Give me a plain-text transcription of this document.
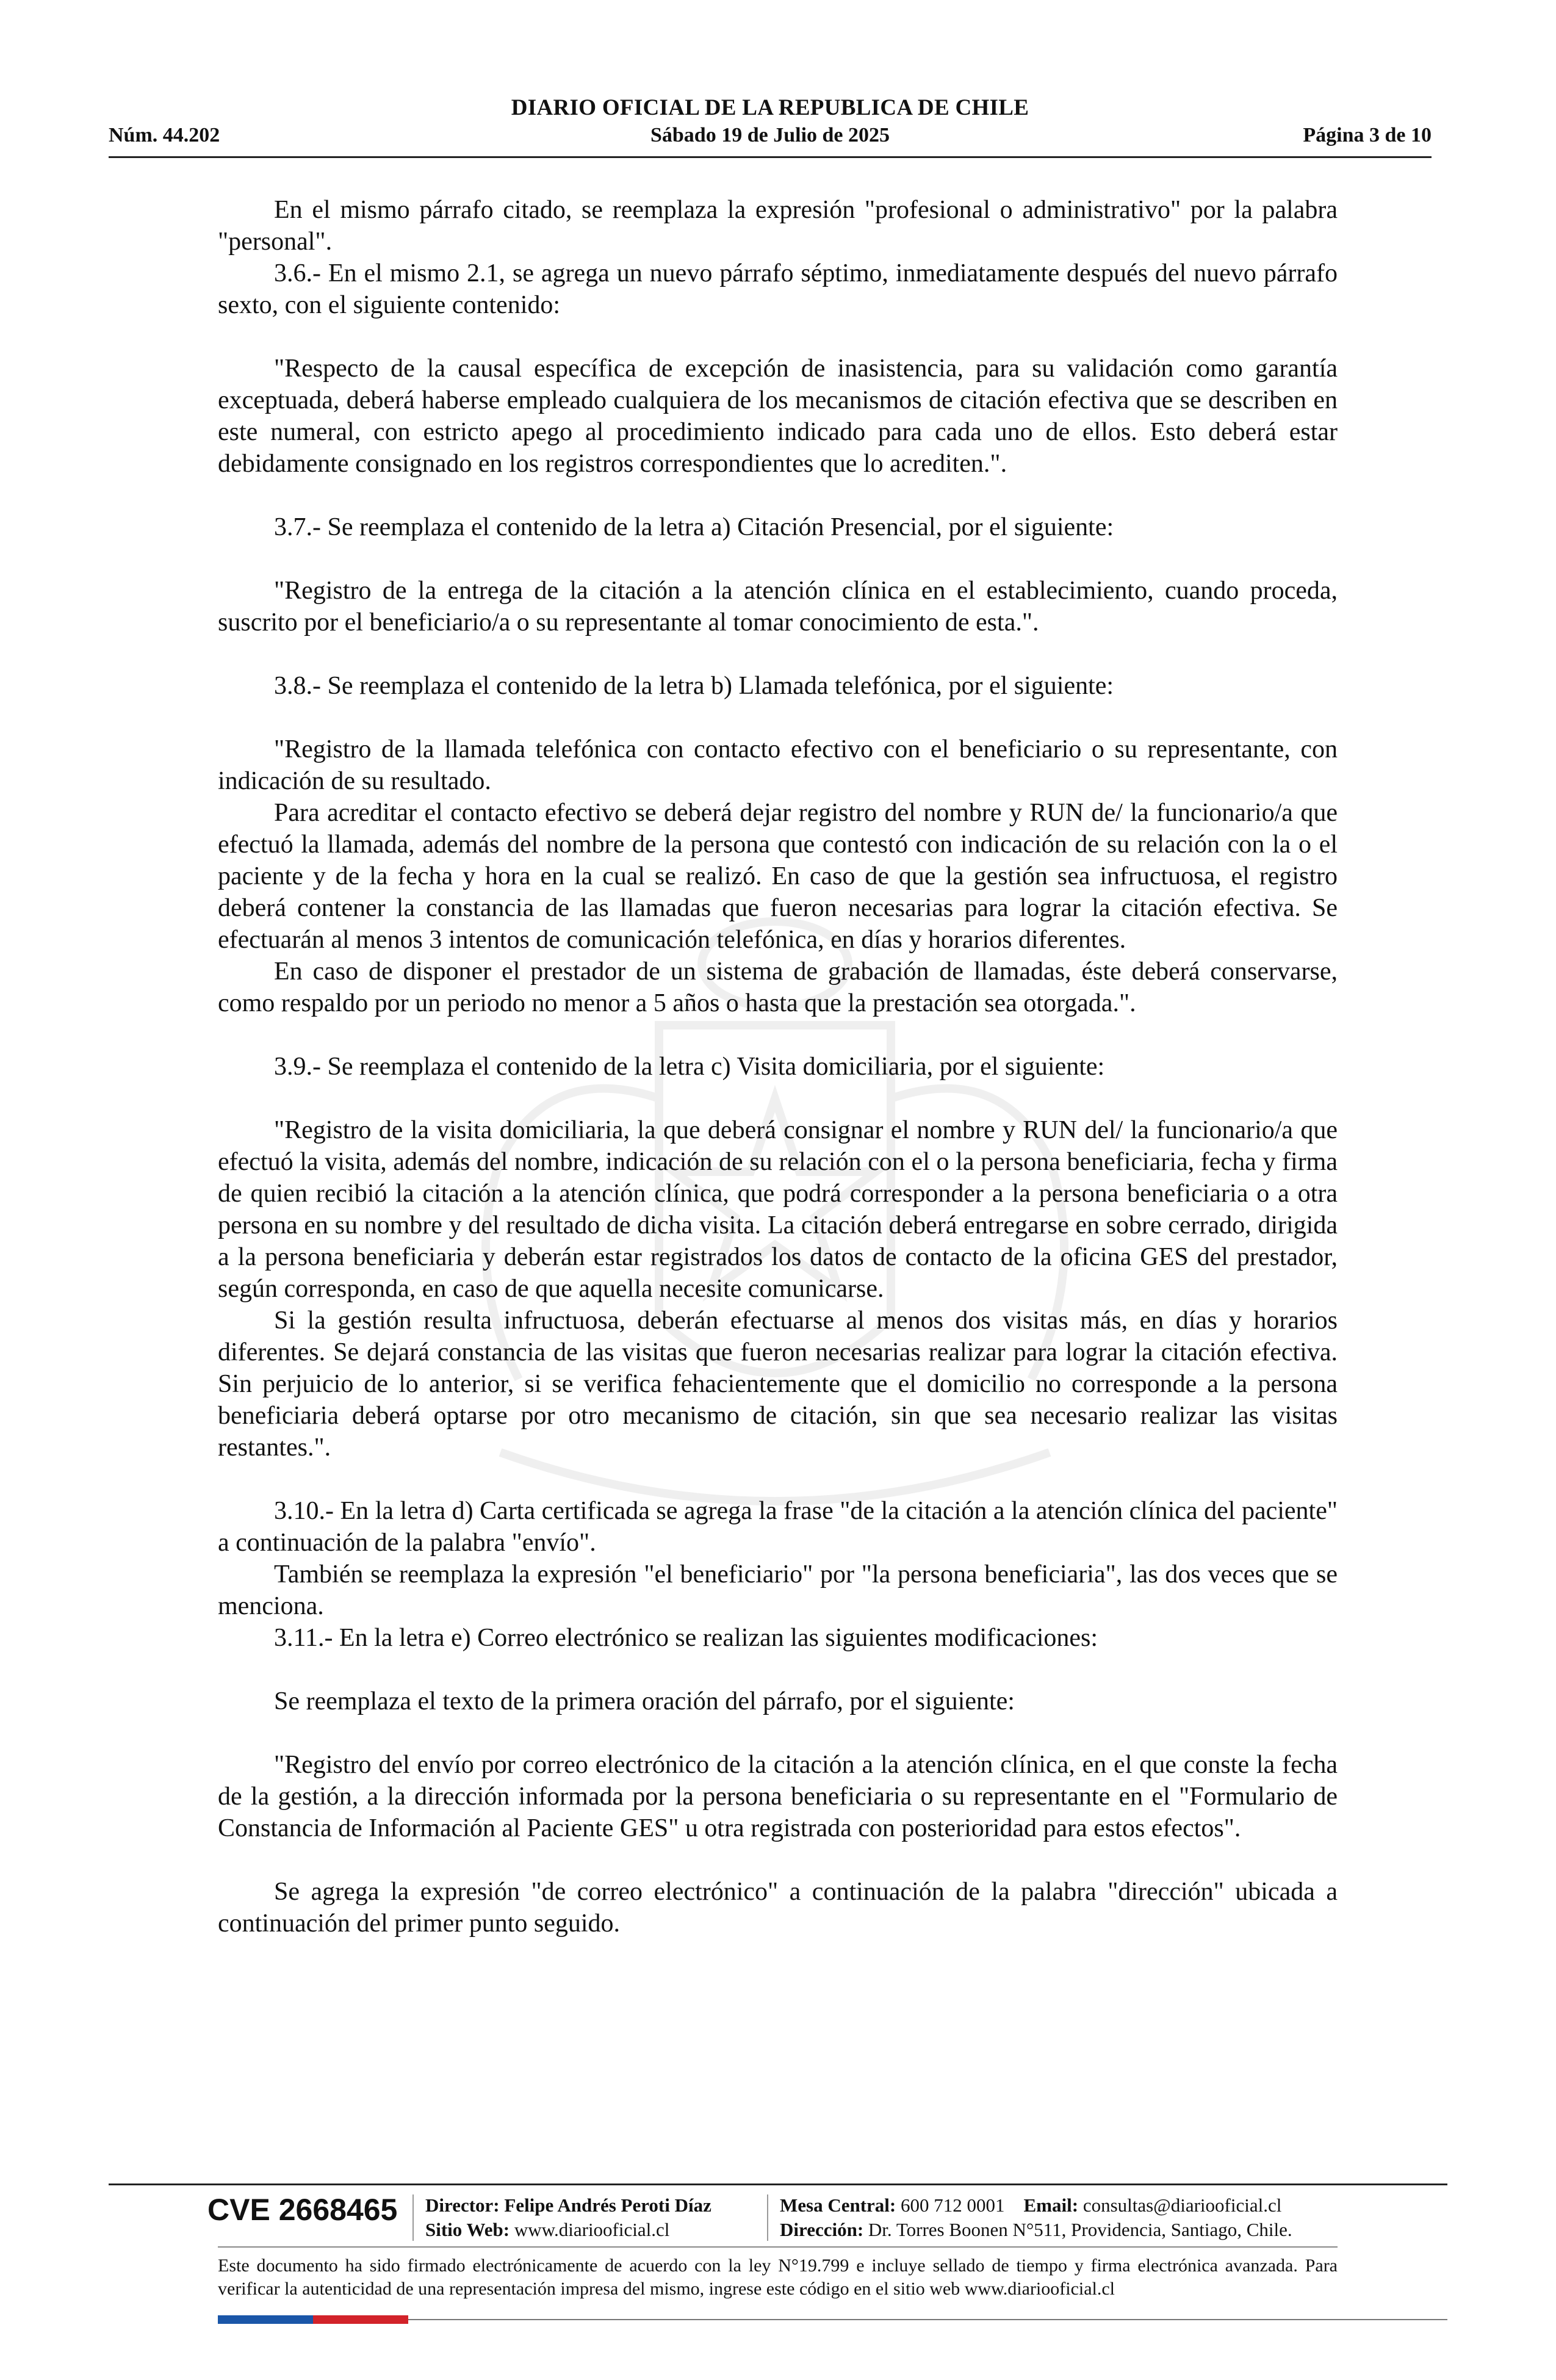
DIARIO OFICIAL DE LA REPUBLICA DE CHILE
Núm. 44.202	Sábado 19 de Julio de 2025	Página 3 de 10

En el mismo párrafo citado, se reemplaza la expresión "profesional o administrativo" por la palabra "personal".

3.6.- En el mismo 2.1, se agrega un nuevo párrafo séptimo, inmediatamente después del nuevo párrafo sexto, con el siguiente contenido:

"Respecto de la causal específica de excepción de inasistencia, para su validación como garantía exceptuada, deberá haberse empleado cualquiera de los mecanismos de citación efectiva que se describen en este numeral, con estricto apego al procedimiento indicado para cada uno de ellos. Esto deberá estar debidamente consignado en los registros correspondientes que lo acrediten.".

3.7.- Se reemplaza el contenido de la letra a) Citación Presencial, por el siguiente:

"Registro de la entrega de la citación a la atención clínica en el establecimiento, cuando proceda, suscrito por el beneficiario/a o su representante al tomar conocimiento de esta.".

3.8.- Se reemplaza el contenido de la letra b) Llamada telefónica, por el siguiente:

"Registro de la llamada telefónica con contacto efectivo con el beneficiario o su representante, con indicación de su resultado.

Para acreditar el contacto efectivo se deberá dejar registro del nombre y RUN de/ la funcionario/a que efectuó la llamada, además del nombre de la persona que contestó con indicación de su relación con la o el paciente y de la fecha y hora en la cual se realizó. En caso de que la gestión sea infructuosa, el registro deberá contener la constancia de las llamadas que fueron necesarias para lograr la citación efectiva. Se efectuarán al menos 3 intentos de comunicación telefónica, en días y horarios diferentes.

En caso de disponer el prestador de un sistema de grabación de llamadas, éste deberá conservarse, como respaldo por un periodo no menor a 5 años o hasta que la prestación sea otorgada.".

3.9.- Se reemplaza el contenido de la letra c) Visita domiciliaria, por el siguiente:

"Registro de la visita domiciliaria, la que deberá consignar el nombre y RUN del/ la funcionario/a que efectuó la visita, además del nombre, indicación de su relación con el o la persona beneficiaria, fecha y firma de quien recibió la citación a la atención clínica, que podrá corresponder a la persona beneficiaria o a otra persona en su nombre y del resultado de dicha visita. La citación deberá entregarse en sobre cerrado, dirigida a la persona beneficiaria y deberán estar registrados los datos de contacto de la oficina GES del prestador, según corresponda, en caso de que aquella necesite comunicarse.

Si la gestión resulta infructuosa, deberán efectuarse al menos dos visitas más, en días y horarios diferentes. Se dejará constancia de las visitas que fueron necesarias realizar para lograr la citación efectiva. Sin perjuicio de lo anterior, si se verifica fehacientemente que el domicilio no corresponde a la persona beneficiaria deberá optarse por otro mecanismo de citación, sin que sea necesario realizar las visitas restantes.".

3.10.- En la letra d) Carta certificada se agrega la frase "de la citación a la atención clínica del paciente" a continuación de la palabra "envío".

También se reemplaza la expresión "el beneficiario" por "la persona beneficiaria", las dos veces que se menciona.

3.11.- En la letra e) Correo electrónico se realizan las siguientes modificaciones:

Se reemplaza el texto de la primera oración del párrafo, por el siguiente:

"Registro del envío por correo electrónico de la citación a la atención clínica, en el que conste la fecha de la gestión, a la dirección informada por la persona beneficiaria o su representante en el "Formulario de Constancia de Información al Paciente GES" u otra registrada con posterioridad para estos efectos".

Se agrega la expresión "de correo electrónico" a continuación de la palabra "dirección" ubicada a continuación del primer punto seguido.

CVE 2668465 Director: Felipe Andrés Peroti Díaz
Sitio Web: www.diariooficial.cl
Mesa Central: 600 712 0001 Email: consultas@diariooficial.cl
Dirección: Dr. Torres Boonen N°511, Providencia, Santiago, Chile.
Este documento ha sido firmado electrónicamente de acuerdo con la ley N°19.799 e incluye sellado de tiempo y firma electrónica avanzada. Para verificar la autenticidad de una representación impresa del mismo, ingrese este código en el sitio web www.diariooficial.cl
